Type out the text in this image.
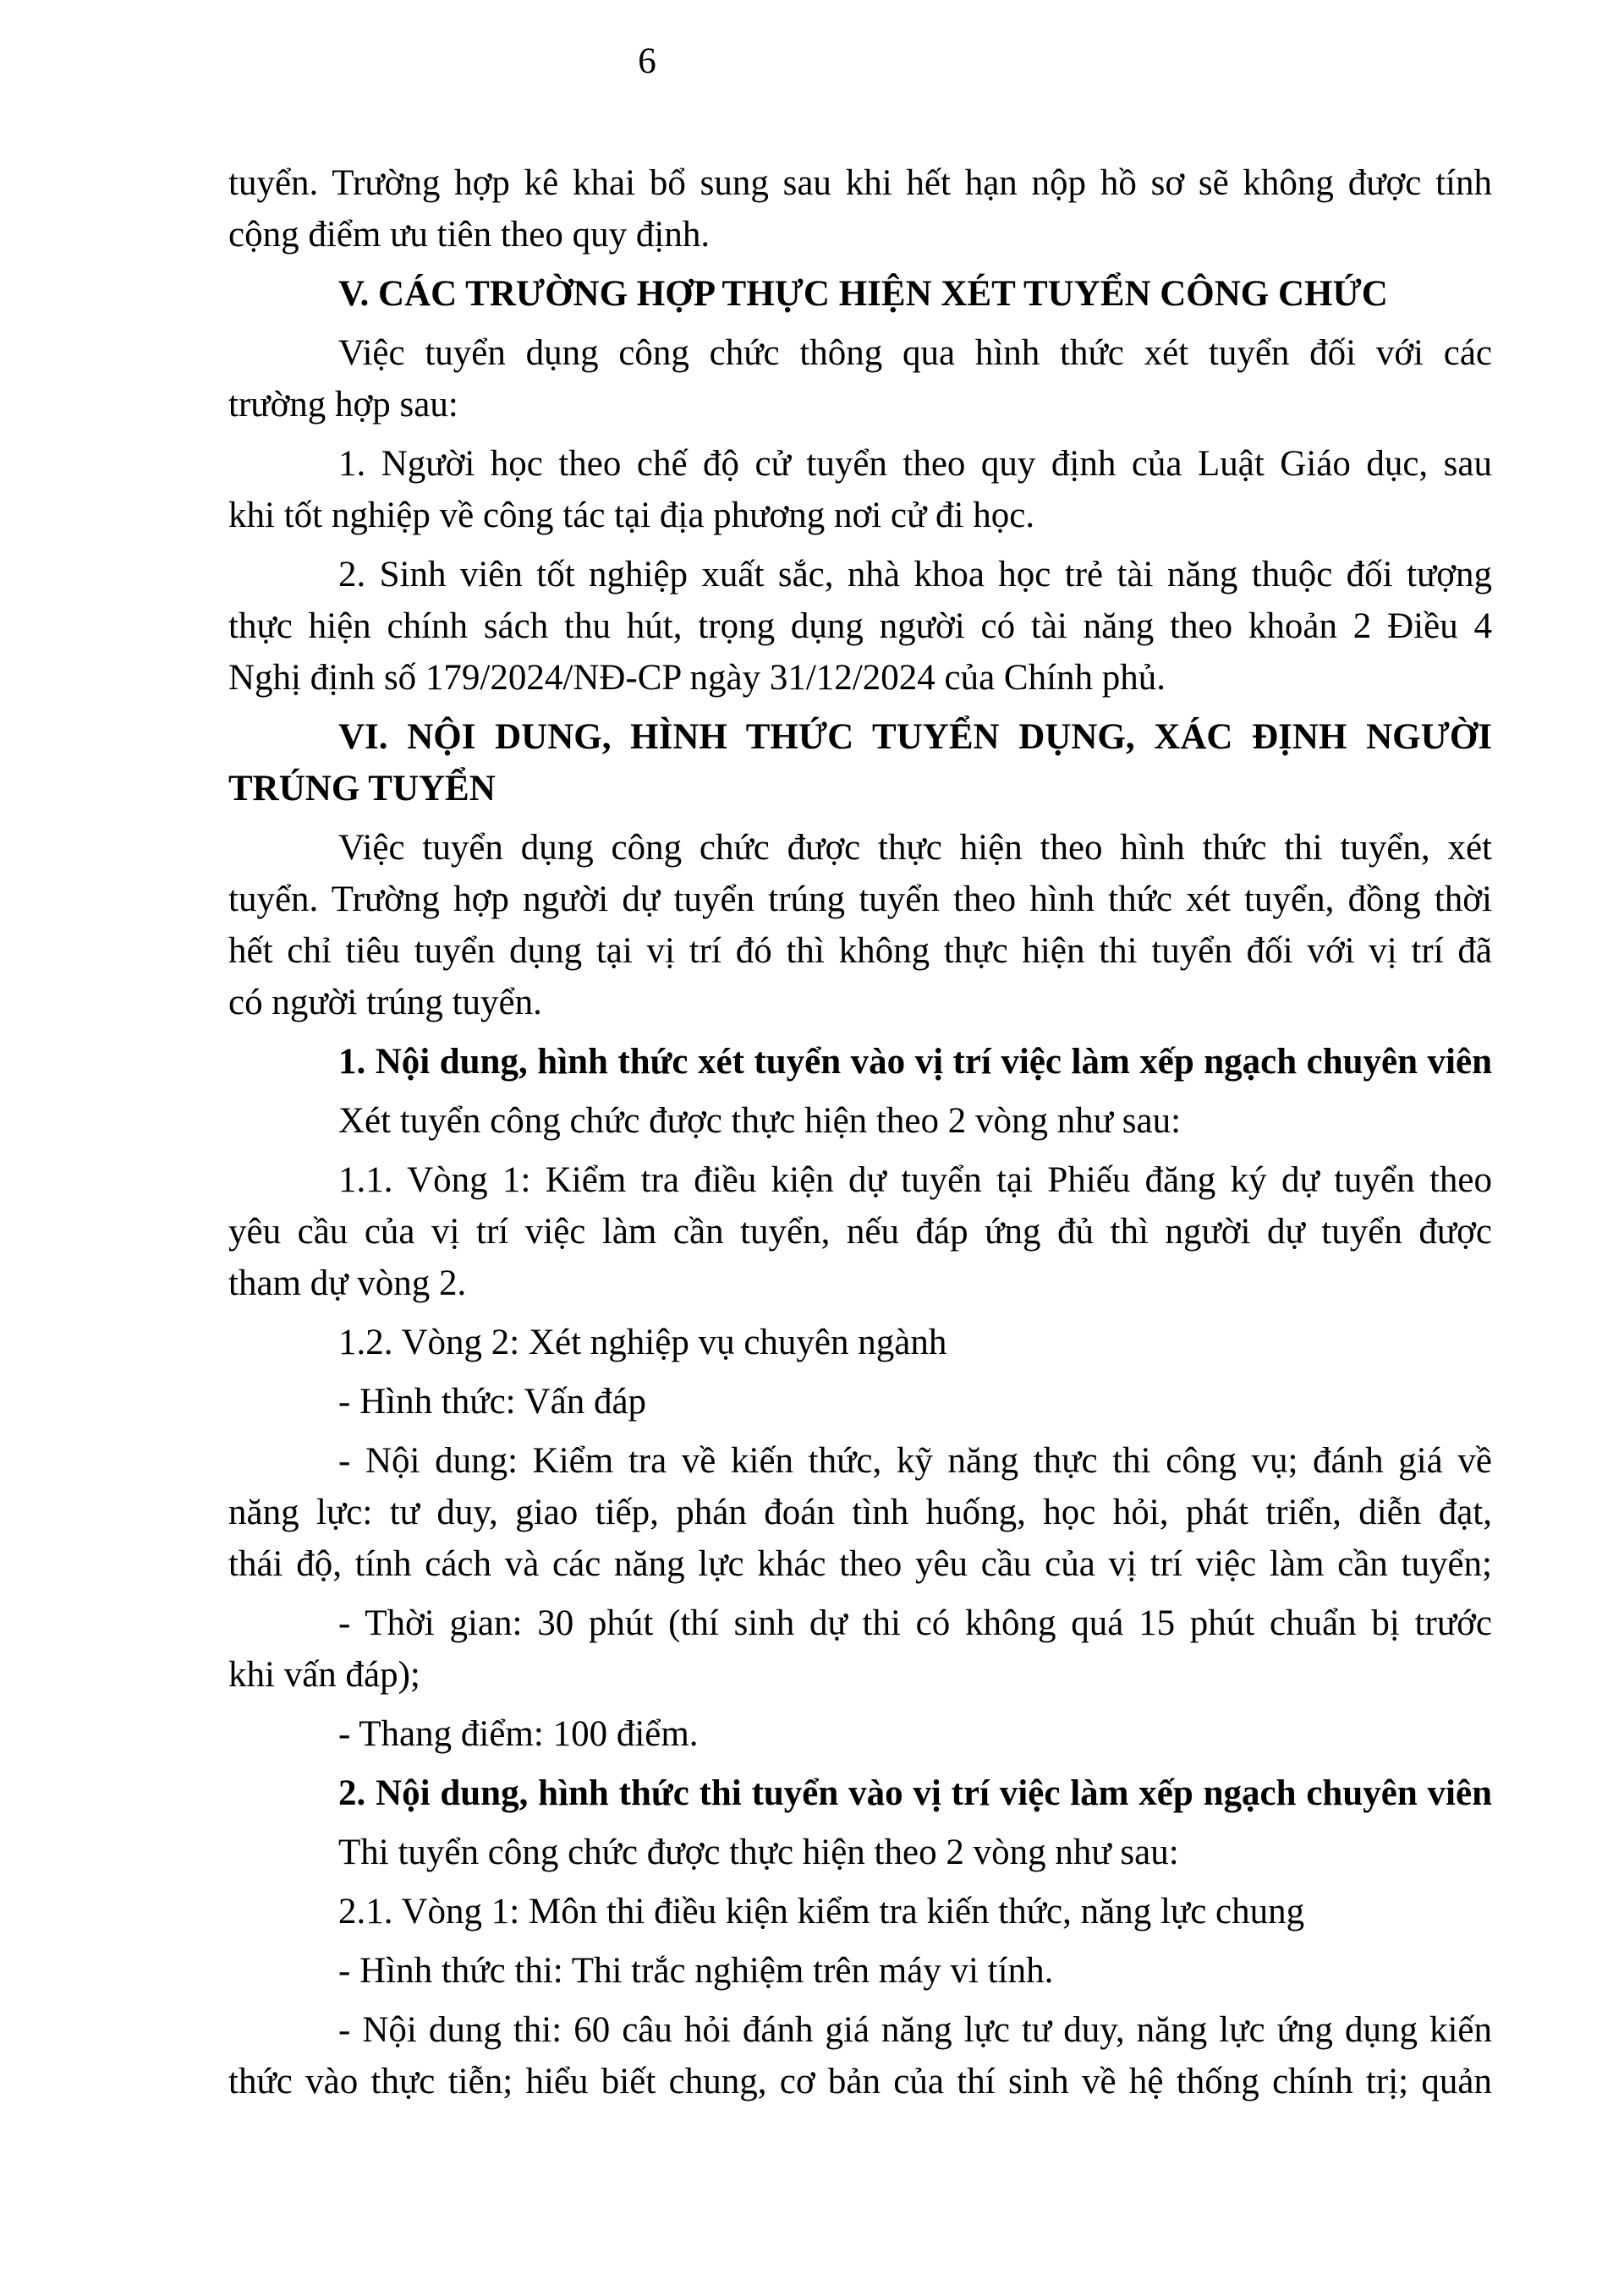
6
tuyển. Trường hợp kê khai bổ sung sau khi hết hạn nộp hồ sơ sẽ không được tính
cộng điểm ưu tiên theo quy định.
V. CÁC TRƯỜNG HỢP THỰC HIỆN XÉT TUYỂN CÔNG CHỨC
Việc tuyển dụng công chức thông qua hình thức xét tuyển đối với các
trường hợp sau:
1. Người học theo chế độ cử tuyển theo quy định của Luật Giáo dục, sau
khi tốt nghiệp về công tác tại địa phương nơi cử đi học.
2. Sinh viên tốt nghiệp xuất sắc, nhà khoa học trẻ tài năng thuộc đối tượng
thực hiện chính sách thu hút, trọng dụng người có tài năng theo khoản 2 Điều 4
Nghị định số 179/2024/NĐ-CP ngày 31/12/2024 của Chính phủ.
VI. NỘI DUNG, HÌNH THỨC TUYỂN DỤNG, XÁC ĐỊNH NGƯỜI
TRÚNG TUYỂN
Việc tuyển dụng công chức được thực hiện theo hình thức thi tuyển, xét
tuyển. Trường hợp người dự tuyển trúng tuyển theo hình thức xét tuyển, đồng thời
hết chỉ tiêu tuyển dụng tại vị trí đó thì không thực hiện thi tuyển đối với vị trí đã
có người trúng tuyển.
1. Nội dung, hình thức xét tuyển vào vị trí việc làm xếp ngạch chuyên viên
Xét tuyển công chức được thực hiện theo 2 vòng như sau:
1.1. Vòng 1: Kiểm tra điều kiện dự tuyển tại Phiếu đăng ký dự tuyển theo
yêu cầu của vị trí việc làm cần tuyển, nếu đáp ứng đủ thì người dự tuyển được
tham dự vòng 2.
1.2. Vòng 2: Xét nghiệp vụ chuyên ngành
- Hình thức: Vấn đáp
- Nội dung: Kiểm tra về kiến thức, kỹ năng thực thi công vụ; đánh giá về
năng lực: tư duy, giao tiếp, phán đoán tình huống, học hỏi, phát triển, diễn đạt,
thái độ, tính cách và các năng lực khác theo yêu cầu của vị trí việc làm cần tuyển;
- Thời gian: 30 phút (thí sinh dự thi có không quá 15 phút chuẩn bị trước
khi vấn đáp);
- Thang điểm: 100 điểm.
2. Nội dung, hình thức thi tuyển vào vị trí việc làm xếp ngạch chuyên viên
Thi tuyển công chức được thực hiện theo 2 vòng như sau:
2.1. Vòng 1: Môn thi điều kiện kiểm tra kiến thức, năng lực chung
- Hình thức thi: Thi trắc nghiệm trên máy vi tính.
- Nội dung thi: 60 câu hỏi đánh giá năng lực tư duy, năng lực ứng dụng kiến
thức vào thực tiễn; hiểu biết chung, cơ bản của thí sinh về hệ thống chính trị; quản
